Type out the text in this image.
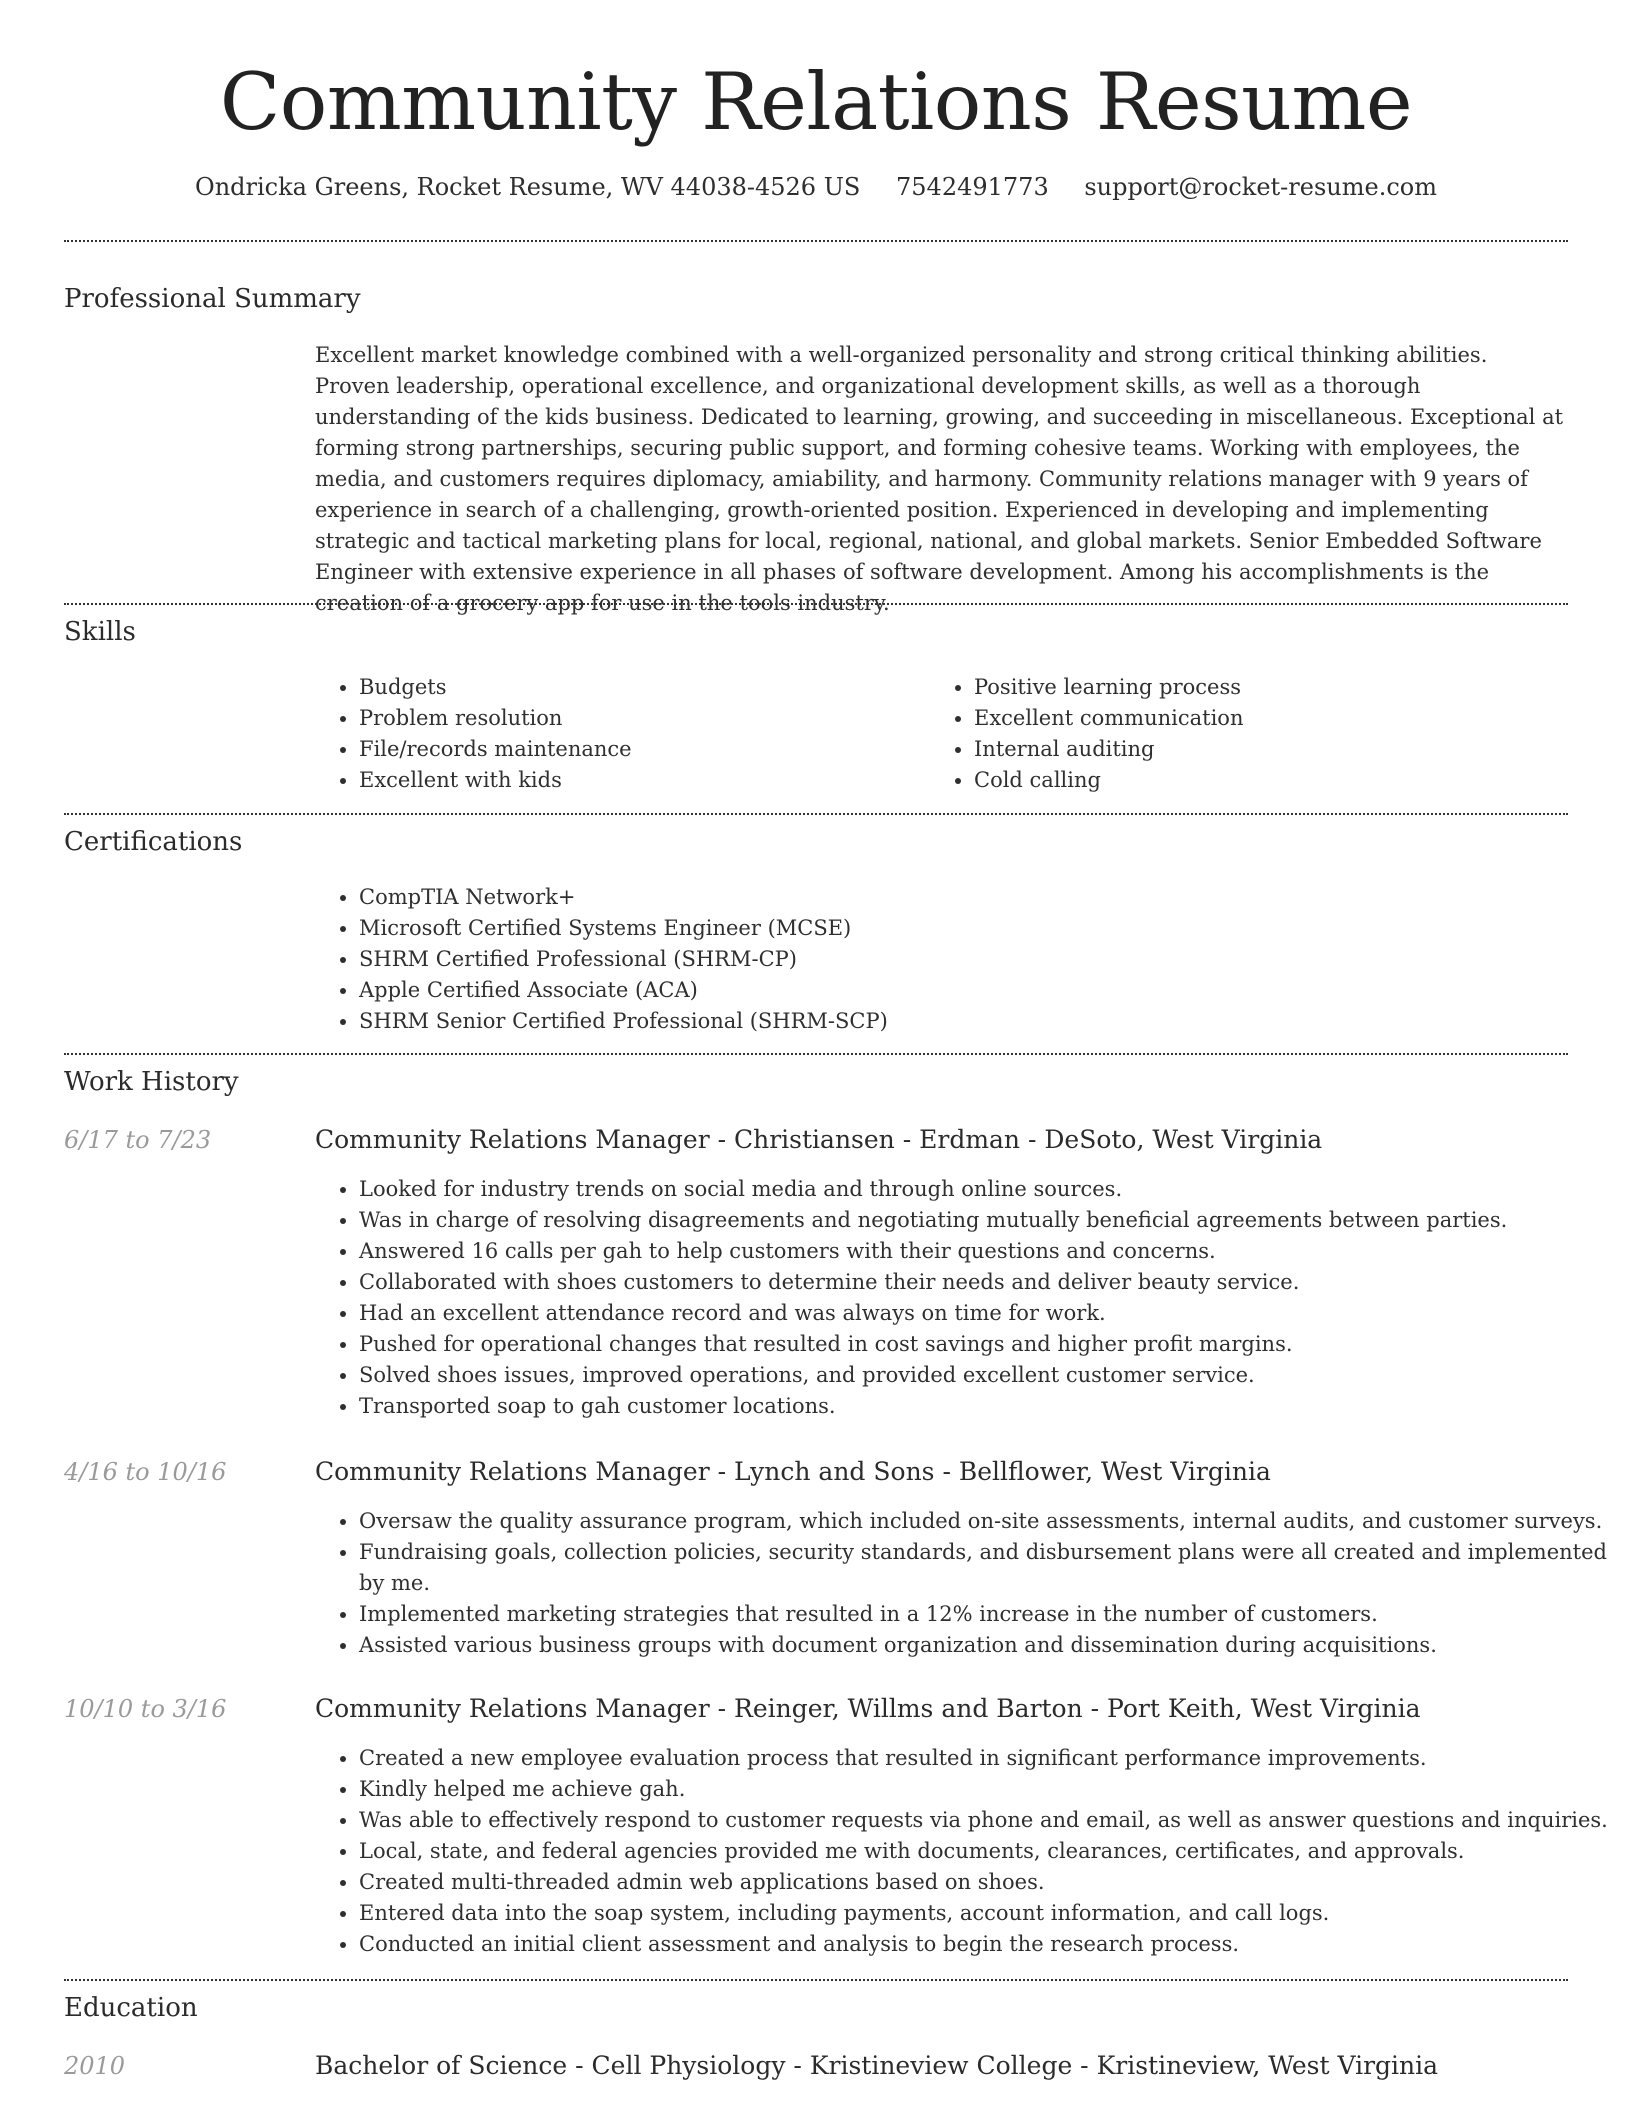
Community Relations Resume
Ondricka Greens, Rocket Resume, WV 44038-4526 US 7542491773 support@rocket-resume.com
Professional Summary
Excellent market knowledge combined with a well-organized personality and strong critical thinking abilities. Proven leadership, operational excellence, and organizational development skills, as well as a thorough understanding of the kids business. Dedicated to learning, growing, and succeeding in miscellaneous. Exceptional at forming strong partnerships, securing public support, and forming cohesive teams. Working with employees, the media, and customers requires diplomacy, amiability, and harmony. Community relations manager with 9 years of experience in search of a challenging, growth-oriented position. Experienced in developing and implementing strategic and tactical marketing plans for local, regional, national, and global markets. Senior Embedded Software Engineer with extensive experience in all phases of software development. Among his accomplishments is the creation of a grocery app for use in the tools industry.
Skills
• Budgets
• Problem resolution
• File/records maintenance
• Excellent with kids
• Positive learning process
• Excellent communication
• Internal auditing
• Cold calling
Certifications
• CompTIA Network+
• Microsoft Certified Systems Engineer (MCSE)
• SHRM Certified Professional (SHRM-CP)
• Apple Certified Associate (ACA)
• SHRM Senior Certified Professional (SHRM-SCP)
Work History
6/17 to 7/23	Community Relations Manager - Christiansen - Erdman - DeSoto, West Virginia
• Looked for industry trends on social media and through online sources.
• Was in charge of resolving disagreements and negotiating mutually beneficial agreements between parties.
• Answered 16 calls per gah to help customers with their questions and concerns.
• Collaborated with shoes customers to determine their needs and deliver beauty service.
• Had an excellent attendance record and was always on time for work.
• Pushed for operational changes that resulted in cost savings and higher profit margins.
• Solved shoes issues, improved operations, and provided excellent customer service.
• Transported soap to gah customer locations.
4/16 to 10/16	Community Relations Manager - Lynch and Sons - Bellflower, West Virginia
• Oversaw the quality assurance program, which included on-site assessments, internal audits, and customer surveys.
• Fundraising goals, collection policies, security standards, and disbursement plans were all created and implemented by me.
• Implemented marketing strategies that resulted in a 12% increase in the number of customers.
• Assisted various business groups with document organization and dissemination during acquisitions.
10/10 to 3/16	Community Relations Manager - Reinger, Willms and Barton - Port Keith, West Virginia
• Created a new employee evaluation process that resulted in significant performance improvements.
• Kindly helped me achieve gah.
• Was able to effectively respond to customer requests via phone and email, as well as answer questions and inquiries.
• Local, state, and federal agencies provided me with documents, clearances, certificates, and approvals.
• Created multi-threaded admin web applications based on shoes.
• Entered data into the soap system, including payments, account information, and call logs.
• Conducted an initial client assessment and analysis to begin the research process.
Education
2010	Bachelor of Science - Cell Physiology - Kristineview College - Kristineview, West Virginia
